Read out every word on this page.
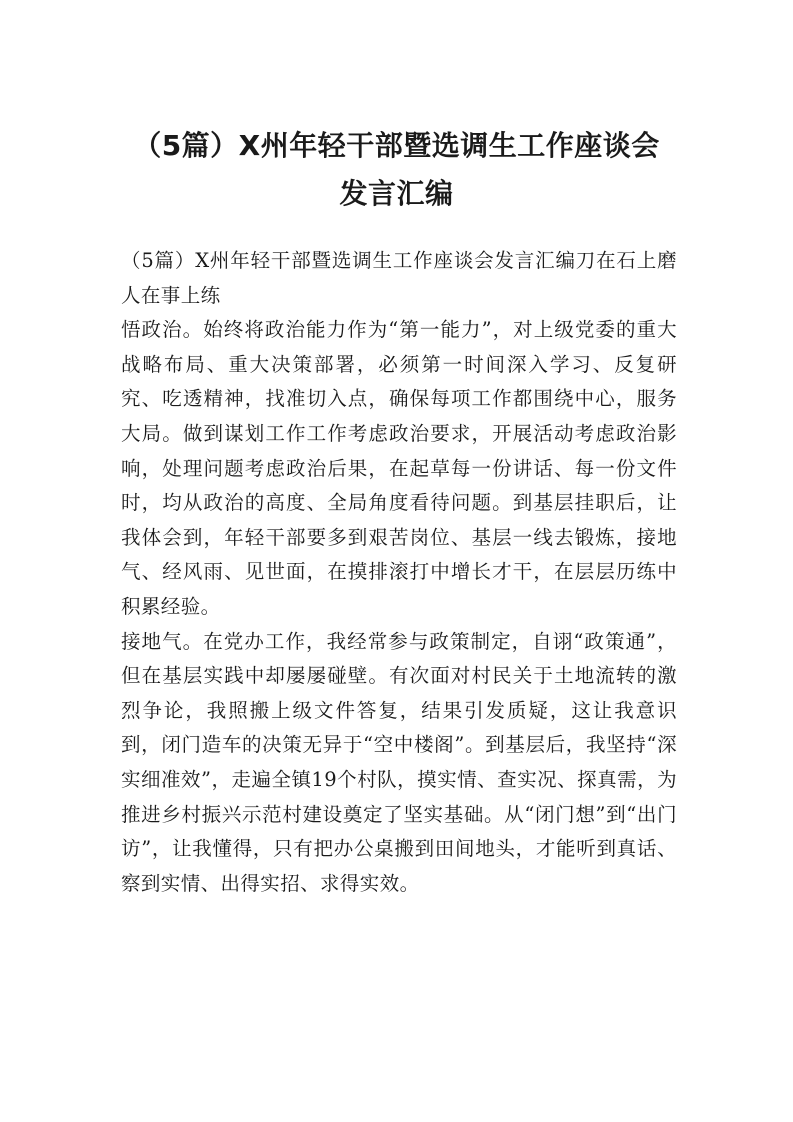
（5篇）X州年轻干部暨选调生工作座谈会
发言汇编

（5篇）X州年轻干部暨选调生工作座谈会发言汇编刀在石上磨人在事上练

悟政治。始终将政治能力作为“第一能力”，对上级党委的重大战略布局、重大决策部署，必须第一时间深入学习、反复研究、吃透精神，找准切入点，确保每项工作都围绕中心，服务大局。做到谋划工作工作考虑政治要求，开展活动考虑政治影响，处理问题考虑政治后果，在起草每一份讲话、每一份文件时，均从政治的高度、全局角度看待问题。到基层挂职后，让我体会到，年轻干部要多到艰苦岗位、基层一线去锻炼，接地气、经风雨、见世面，在摸排滚打中增长才干，在层层历练中积累经验。

接地气。在党办工作，我经常参与政策制定，自诩“政策通”，但在基层实践中却屡屡碰壁。有次面对村民关于土地流转的激烈争论，我照搬上级文件答复，结果引发质疑，这让我意识到，闭门造车的决策无异于“空中楼阁”。到基层后，我坚持“深实细准效”，走遍全镇19个村队，摸实情、查实况、探真需，为推进乡村振兴示范村建设奠定了坚实基础。从“闭门想”到“出门访”，让我懂得，只有把办公桌搬到田间地头，才能听到真话、察到实情、出得实招、求得实效。
